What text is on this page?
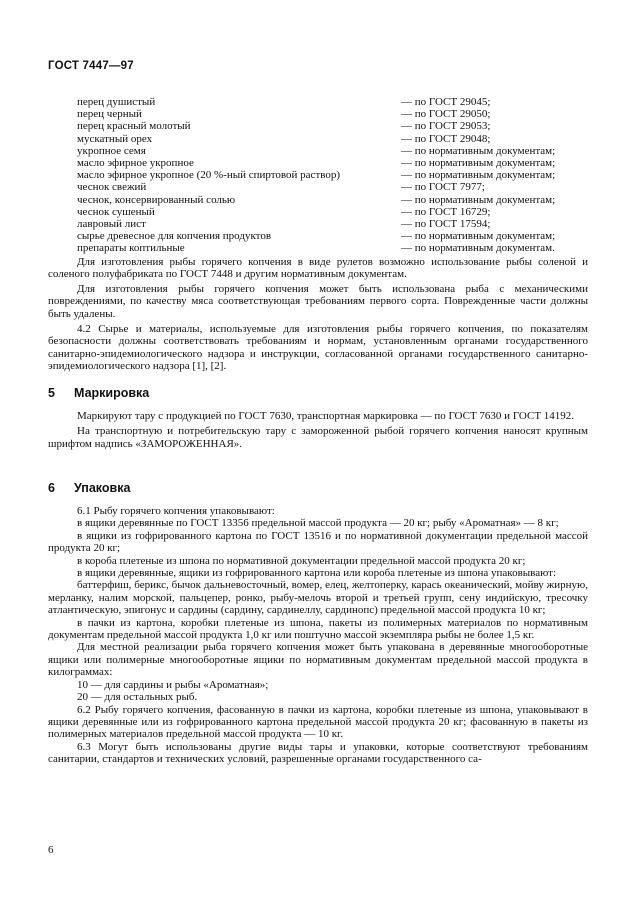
ГОСТ 7447—97
перец душистый	— по ГОСТ 29045;
перец черный	— по ГОСТ 29050;
перец красный молотый	— по ГОСТ 29053;
мускатный орех	— по ГОСТ 29048;
укропное семя	— по нормативным документам;
масло эфирное укропное	— по нормативным документам;
масло эфирное укропное (20 %-ный спиртовой раствор)	— по нормативным документам;
чеснок свежий	— по ГОСТ 7977;
чеснок, консервированный солью	— по нормативным документам;
чеснок сушеный	— по ГОСТ 16729;
лавровый лист	— по ГОСТ 17594;
сырье древесное для копчения продуктов	— по нормативным документам;
препараты коптильные	— по нормативным документам.

Для изготовления рыбы горячего копчения в виде рулетов возможно использование рыбы соленой и соленого полуфабриката по ГОСТ 7448 и другим нормативным документам.

Для изготовления рыбы горячего копчения может быть использована рыба с механическими повреждениями, по качеству мяса соответствующая требованиям первого сорта. Поврежденные части должны быть удалены.

4.2 Сырье и материалы, используемые для изготовления рыбы горячего копчения, по показателям безопасности должны соответствовать требованиям и нормам, установленным органами государственного санитарно-эпидемиологического надзора и инструкции, согласованной органами государственного санитарно-эпидемиологического надзора [1], [2].

Маркируют тару с продукцией по ГОСТ 7630, транспортная маркировка — по ГОСТ 7630 и ГОСТ 14192.

На транспортную и потребительскую тару с замороженной рыбой горячего копчения наносят крупным шрифтом надпись «ЗАМОРОЖЕННАЯ».

6.1 Рыбу горячего копчения упаковывают:

в ящики деревянные по ГОСТ 13356 предельной массой продукта — 20 кг; рыбу «Ароматная» — 8 кг;

в ящики из гофрированного картона по ГОСТ 13516 и по нормативной документации предельной массой продукта 20 кг;

в короба плетеные из шпона по нормативной документации предельной массой продукта 20 кг;

в ящики деревянные, ящики из гофрированного картона или короба плетеные из шпона упаковывают:

баттерфиш, берикс, бычок дальневосточный, вомер, елец, желтоперку, карась океанический, мойву жирную, мерланку, налим морской, пальцепер, ронко, рыбу-мелочь второй и третьей групп, сену индийскую, тресочку атлантическую, эпигонус и сардины (сардину, сардинеллу, сардинопс) предельной массой продукта 10 кг;

в пачки из картона, коробки плетеные из шпона, пакеты из полимерных материалов по нормативным документам предельной массой продукта 1,0 кг или поштучно массой экземпляра рыбы не более 1,5 кг.

Для местной реализации рыба горячего копчения может быть упакована в деревянные многооборотные ящики или полимерные многооборотные ящики по нормативным документам предельной массой продукта в килограммах:

10 — для сардины и рыбы «Ароматная»;

20 — для остальных рыб.

6.2 Рыбу горячего копчения, фасованную в пачки из картона, коробки плетеные из шпона, упаковывают в ящики деревянные или из гофрированного картона предельной массой продукта 20 кг; фасованную в пакеты из полимерных материалов предельной массой продукта — 10 кг.

6.3 Могут быть использованы другие виды тары и упаковки, которые соответствуют требованиям санитарии, стандартов и технических условий, разрешенные органами государственного са-

5 Маркировка
6 Упаковка
6
